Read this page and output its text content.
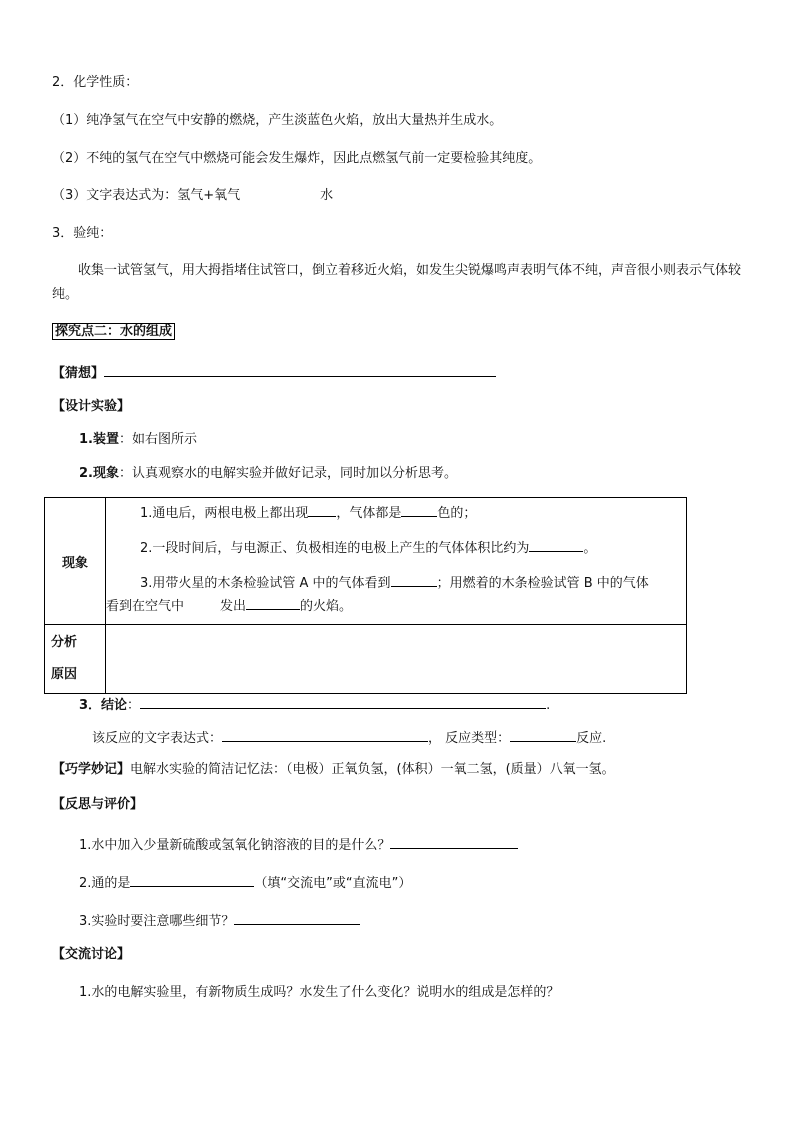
2．化学性质：
（1）纯净氢气在空气中安静的燃烧，产生淡蓝色火焰，放出大量热并生成水。
（2）不纯的氢气在空气中燃烧可能会发生爆炸，因此点燃氢气前一定要检验其纯度。
（3）文字表达式为：氢气+氧气	水
3．验纯：
收集一试管氢气，用大拇指堵住试管口，倒立着移近火焰，如发生尖锐爆鸣声表明气体不纯，声音很小则表示气体较纯。
探究点二：水的组成
【猜想】
【设计实验】
1.装置：如右图所示
2.现象：认真观察水的电解实验并做好记录，同时加以分析思考。
现象	1.通电后，两根电极上都出现 ，气体都是 色的；
2.一段时间后，与电源正、负极相连的电极上产生的气体体积比约为 。
3.用带火星的木条检验试管 A 中的气体看到 ；用燃着的木条检验试管 B 中的气体
看到在空气中 发出 的火焰。

分析
原因	

3．结论：	.
该反应的文字表达式：	， 反应类型：	反应.
【巧学妙记】电解水实验的简洁记忆法：（电极）正氧负氢，(体积）一氧二氢，(质量）八氧一氢。
【反思与评价】
1.水中加入少量新硫酸或氢氧化钠溶液的目的是什么？
2.通的是	（填“交流电”或“直流电”）
3.实验时要注意哪些细节？
【交流讨论】
1.水的电解实验里，有新物质生成吗？水发生了什么变化？说明水的组成是怎样的？
